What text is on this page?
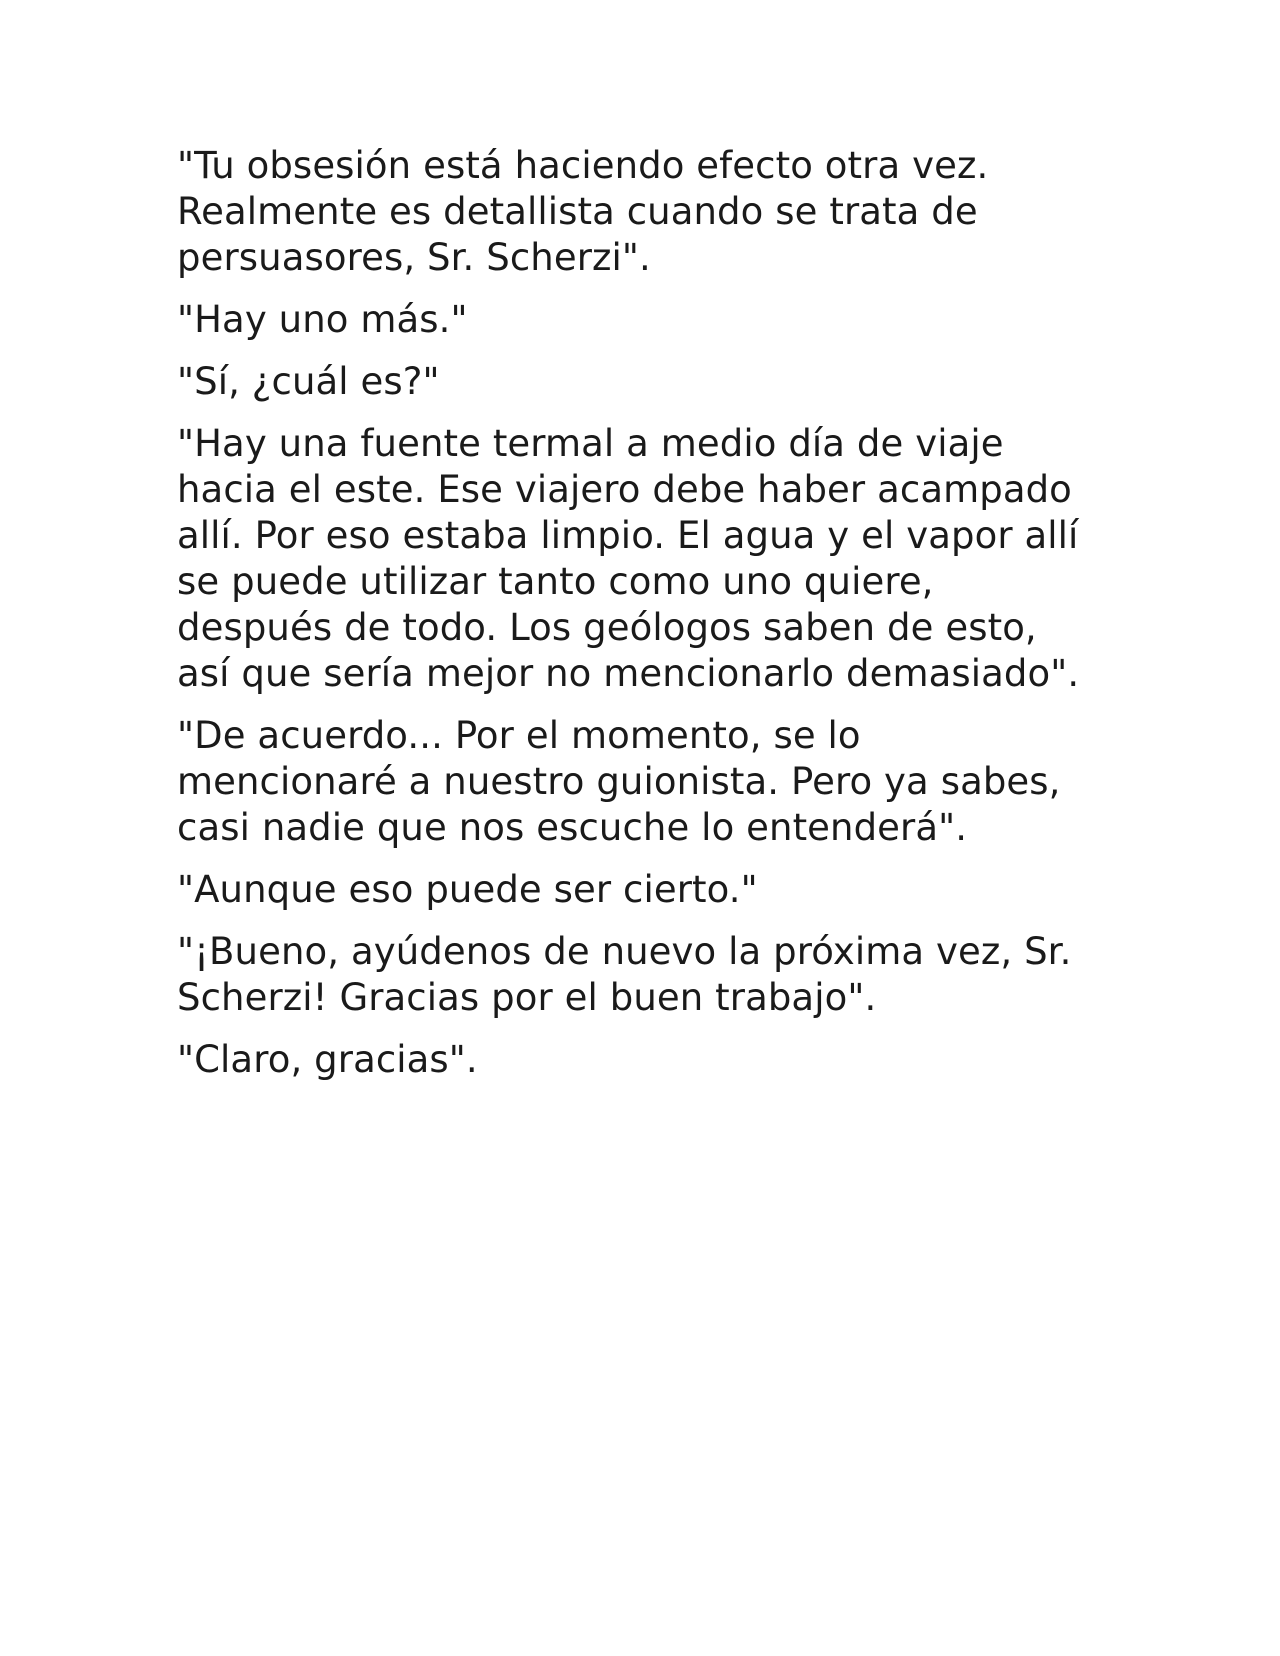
"Tu obsesión está haciendo efecto otra vez.
Realmente es detallista cuando se trata de
persuasores, Sr. Scherzi".

"Hay uno más."

"Sí, ¿cuál es?"

"Hay una fuente termal a medio día de viaje
hacia el este. Ese viajero debe haber acampado
allí. Por eso estaba limpio. El agua y el vapor allí
se puede utilizar tanto como uno quiere,
después de todo. Los geólogos saben de esto,
así que sería mejor no mencionarlo demasiado".

"De acuerdo... Por el momento, se lo
mencionaré a nuestro guionista. Pero ya sabes,
casi nadie que nos escuche lo entenderá".

"Aunque eso puede ser cierto."

"¡Bueno, ayúdenos de nuevo la próxima vez, Sr.
Scherzi! Gracias por el buen trabajo".

"Claro, gracias".
